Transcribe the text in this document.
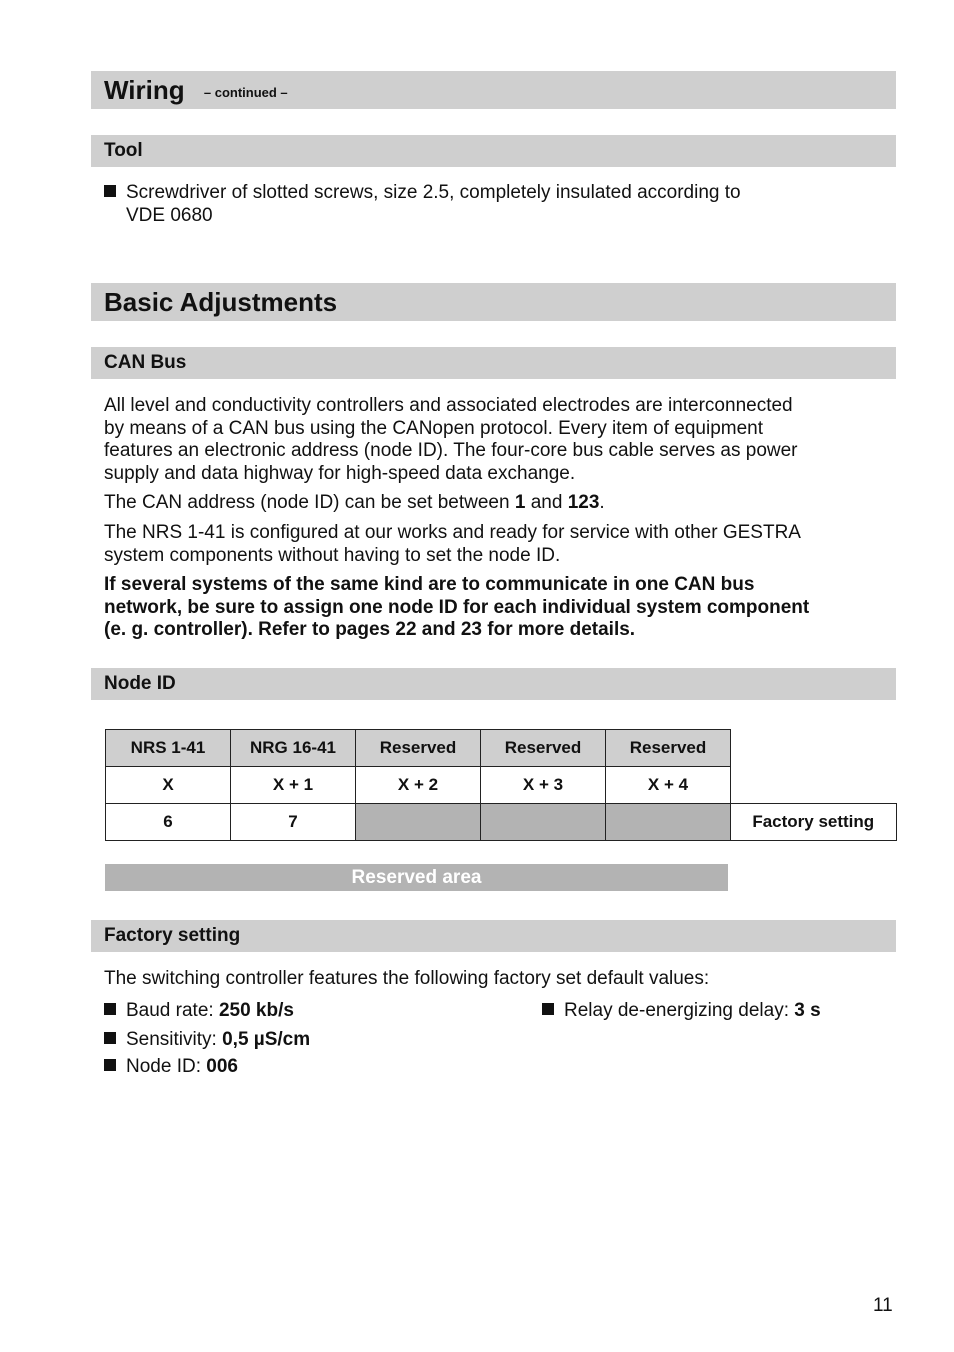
Wiring – continued –
Tool
Screwdriver of slotted screws, size 2.5, completely insulated according to
VDE 0680
Basic Adjustments
CAN Bus
All level and conductivity controllers and associated electrodes are interconnected
by means of a CAN bus using the CANopen protocol. Every item of equipment
features an electronic address (node ID). The four-core bus cable serves as power
supply and data highway for high-speed data exchange.
The CAN address (node ID) can be set between 1 and 123.
The NRS 1-41 is configured at our works and ready for service with other GESTRA
system components without having to set the node ID.
If several systems of the same kind are to communicate in one CAN bus
network, be sure to assign one node ID for each individual system component
(e. g. controller). Refer to pages 22 and 23 for more details.
Node ID
NRS 1-41	NRG 16-41	Reserved	Reserved	Reserved	
X	X + 1	X + 2	X + 3	X + 4	
6	7				Factory setting
Reserved area
Factory setting
The switching controller features the following factory set default values:
Baud rate: 250 kb/s
Sensitivity: 0,5 µS/cm
Node ID: 006
Relay de-energizing delay: 3 s
11
